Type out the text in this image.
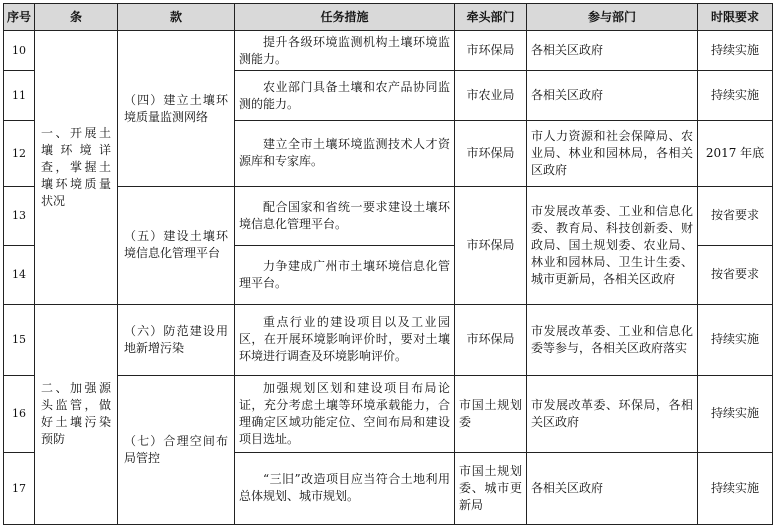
序号	条	款	任务措施	牵头部门	参与部门	时限要求
10	一、开展土壤环境详查，掌握土壤环境质量状况	（四）建立土壤环境质量监测网络	提升各级环境监测机构土壤环境监测能力。	市环保局	各相关区政府	持续实施
11			农业部门具备土壤和农产品协同监测的能力。	市农业局	各相关区政府	持续实施
12			建立全市土壤环境监测技术人才资源库和专家库。	市环保局	市人力资源和社会保障局、农业局、林业和园林局，各相关区政府	2017 年底
13		（五）建设土壤环境信息化管理平台	配合国家和省统一要求建设土壤环境信息化管理平台。	市环保局	市发展改革委、工业和信息化委、教育局、科技创新委、财政局、国土规划委、农业局、林业和园林局、卫生计生委、城市更新局，各相关区政府	按省要求
14			力争建成广州市土壤环境信息化管理平台。			按省要求
15	二、加强源头监管，做好土壤污染预防	（六）防范建设用地新增污染	重点行业的建设项目以及工业园区，在开展环境影响评价时，要对土壤环境进行调查及环境影响评价。	市环保局	市发展改革委、工业和信息化委等参与，各相关区政府落实	持续实施
16		（七）合理空间布局管控	加强规划区划和建设项目布局论证，充分考虑土壤等环境承载能力，合理确定区域功能定位、空间布局和建设项目选址。	市国土规划委	市发展改革委、环保局，各相关区政府	持续实施
17			“三旧”改造项目应当符合土地利用总体规划、城市规划。	市国土规划委、城市更新局	各相关区政府	持续实施
